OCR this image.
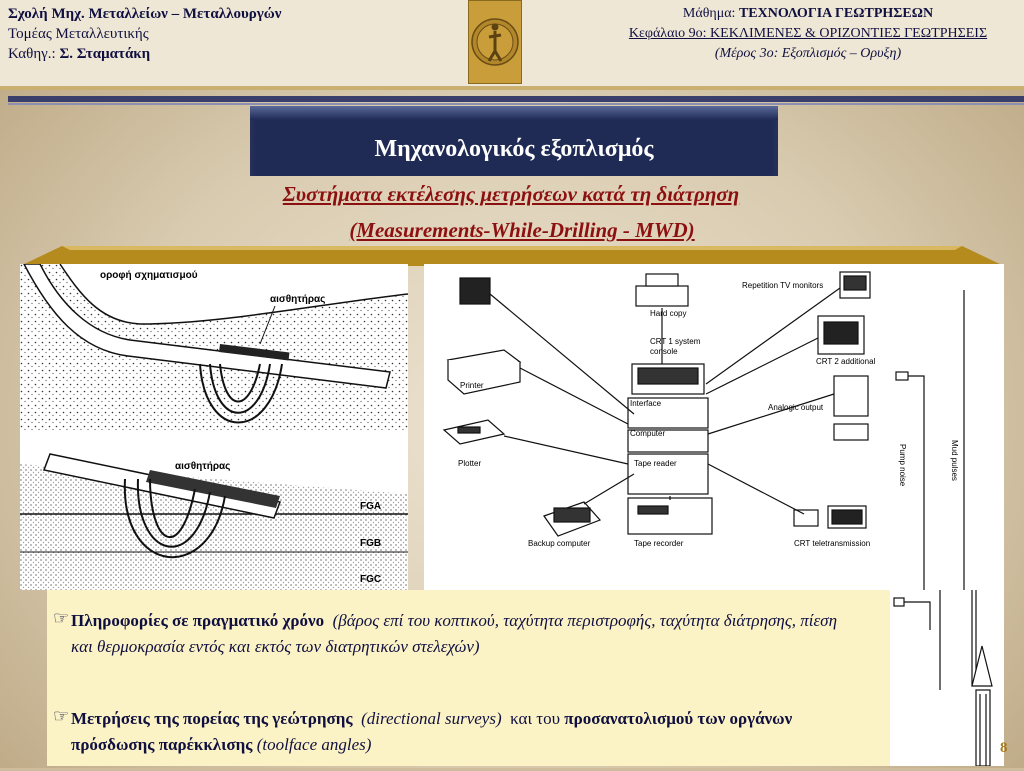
Σχολή Μηχ. Μεταλλείων – Μεταλλουργών
Τομέας Μεταλλευτικής
Καθηγ.: Σ. Σταματάκη
Μάθημα: ΤΕΧΝΟΛΟΓΙΑ ΓΕΩΤΡΗΣΕΩΝ
Κεφάλαιο 9ο: ΚΕΚΛΙΜΕΝΕΣ & ΟΡΙΖΟΝΤΙΕΣ ΓΕΩΤΡΗΣΕΙΣ
(Μέρος 3ο: Εξοπλισμός – Ορυξη)
Μηχανολογικός εξοπλισμός
Συστήματα εκτέλεσης μετρήσεων κατά τη διάτρηση
(Measurements-While-Drilling - MWD)
οροφή σχηματισμού
αισθητήρας
αισθητήρας
FGA
FGB
FGC
Repetition TV monitors
Hard copy
CRT 1 system
console
CRT 2 additional
Printer
Interface
Computer
Analogic output
Plotter	Tape reader	Pump noise	Mud pulses
Backup computer	Tape recorder	CRT teletransmission
☞ Πληροφορίες σε πραγματικό χρόνο (βάρος επί του κοπτικού, ταχύτητα περιστροφής, ταχύτητα διάτρησης, πίεση και θερμοκρασία εντός και εκτός των διατρητικών στελεχών)
☞ Μετρήσεις της πορείας της γεώτρησης (directional surveys) και του προσανατολισμού των οργάνων πρόσδωσης παρέκκλισης (toolface angles)	8
